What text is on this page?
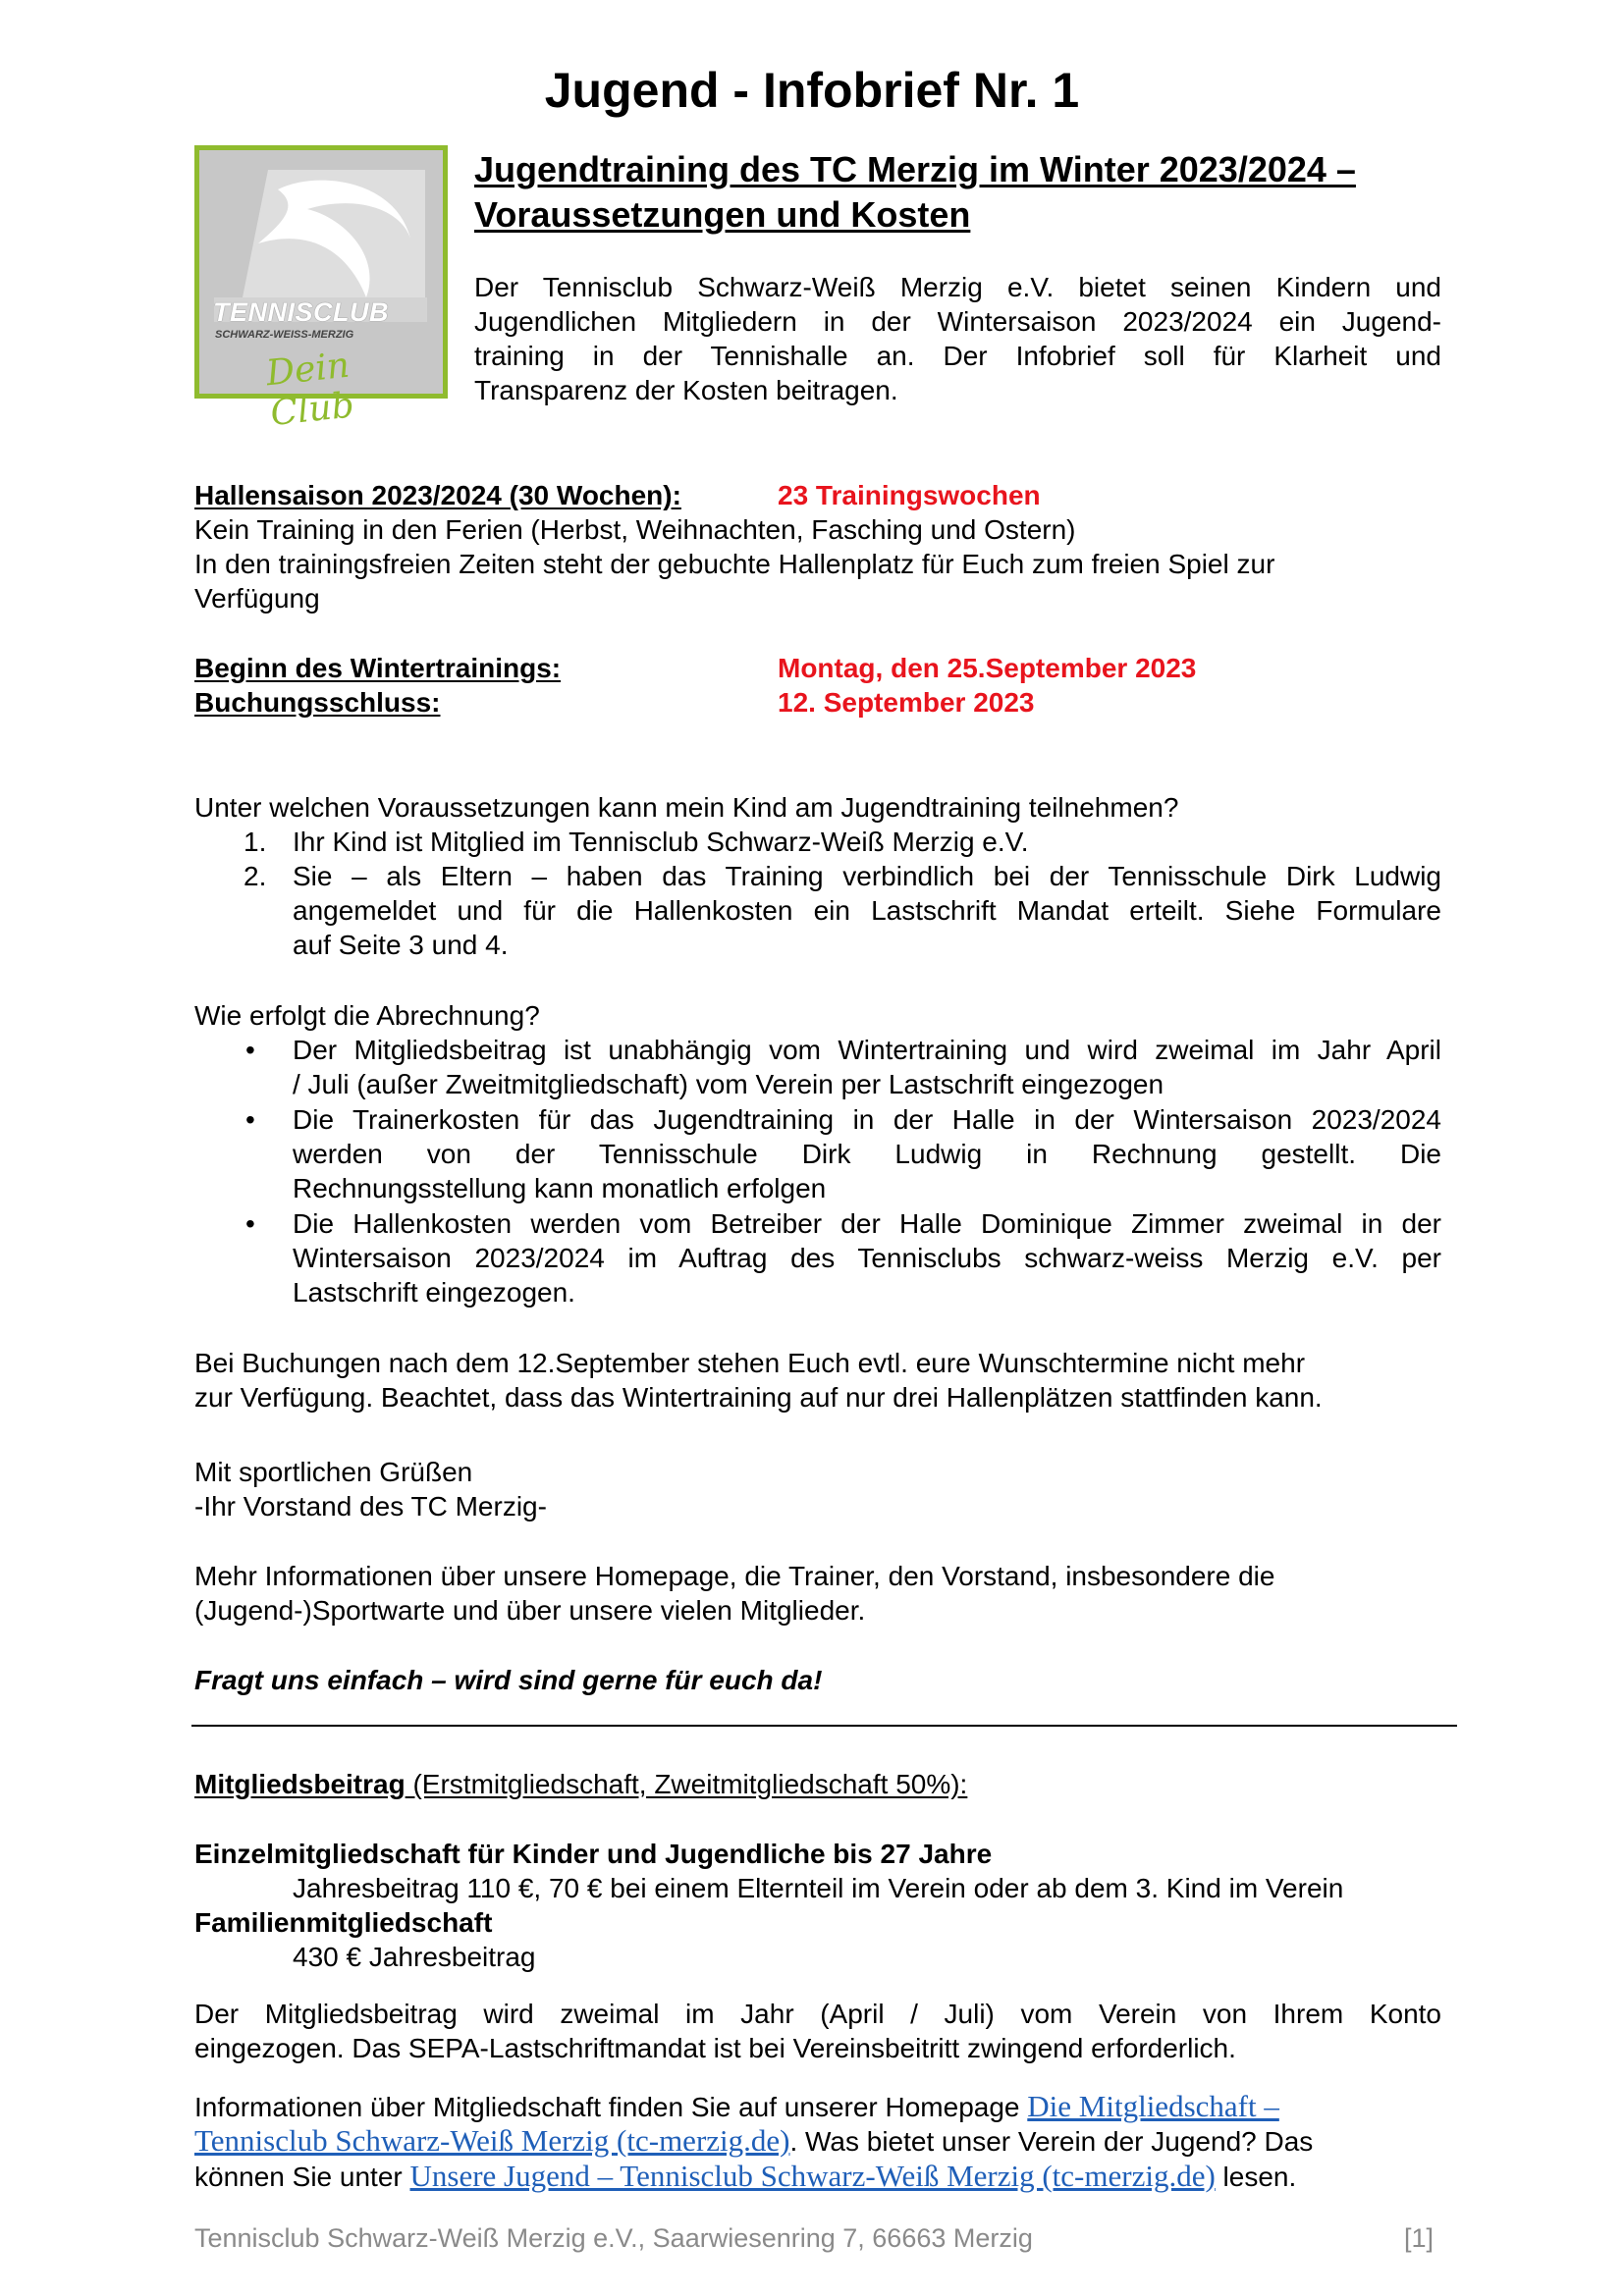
Jugend - Infobrief Nr. 1
TENNISCLUB
SCHWARZ-WEISS-MERZIG
Dein Club
Jugendtraining des TC Merzig im Winter 2023/2024 –
Voraussetzungen und Kosten
Der Tennisclub Schwarz-Weiß Merzig e.V. bietet seinen Kindern und
Jugendlichen Mitgliedern in der Wintersaison 2023/2024 ein Jugend-
training in der Tennishalle an. Der Infobrief soll für Klarheit und
Transparenz der Kosten beitragen.
Hallensaison 2023/2024 (30 Wochen):	23 Trainingswochen
Kein Training in den Ferien (Herbst, Weihnachten, Fasching und Ostern)
In den trainingsfreien Zeiten steht der gebuchte Hallenplatz für Euch zum freien Spiel zur
Verfügung
Beginn des Wintertrainings:	Montag, den 25.September 2023
Buchungsschluss:	12. September 2023
Unter welchen Voraussetzungen kann mein Kind am Jugendtraining teilnehmen?
1. Ihr Kind ist Mitglied im Tennisclub Schwarz-Weiß Merzig e.V.
2. Sie – als Eltern – haben das Training verbindlich bei der Tennisschule Dirk Ludwig
angemeldet und für die Hallenkosten ein Lastschrift Mandat erteilt. Siehe Formulare
auf Seite 3 und 4.
Wie erfolgt die Abrechnung?
• Der Mitgliedsbeitrag ist unabhängig vom Wintertraining und wird zweimal im Jahr April
/ Juli (außer Zweitmitgliedschaft) vom Verein per Lastschrift eingezogen
• Die Trainerkosten für das Jugendtraining in der Halle in der Wintersaison 2023/2024
werden von der Tennisschule Dirk Ludwig in Rechnung gestellt. Die
Rechnungsstellung kann monatlich erfolgen
• Die Hallenkosten werden vom Betreiber der Halle Dominique Zimmer zweimal in der
Wintersaison 2023/2024 im Auftrag des Tennisclubs schwarz-weiss Merzig e.V. per
Lastschrift eingezogen.
Bei Buchungen nach dem 12.September stehen Euch evtl. eure Wunschtermine nicht mehr
zur Verfügung. Beachtet, dass das Wintertraining auf nur drei Hallenplätzen stattfinden kann.
Mit sportlichen Grüßen
-Ihr Vorstand des TC Merzig-
Mehr Informationen über unsere Homepage, die Trainer, den Vorstand, insbesondere die
(Jugend-)Sportwarte und über unsere vielen Mitglieder.
Fragt uns einfach – wird sind gerne für euch da!
Mitgliedsbeitrag (Erstmitgliedschaft, Zweitmitgliedschaft 50%):
Einzelmitgliedschaft für Kinder und Jugendliche bis 27 Jahre
Jahresbeitrag 110 €, 70 € bei einem Elternteil im Verein oder ab dem 3. Kind im Verein
Familienmitgliedschaft
430 € Jahresbeitrag
Der Mitgliedsbeitrag wird zweimal im Jahr (April / Juli) vom Verein von Ihrem Konto
eingezogen. Das SEPA-Lastschriftmandat ist bei Vereinsbeitritt zwingend erforderlich.
Informationen über Mitgliedschaft finden Sie auf unserer Homepage Die Mitgliedschaft –
Tennisclub Schwarz-Weiß Merzig (tc-merzig.de). Was bietet unser Verein der Jugend? Das
können Sie unter Unsere Jugend – Tennisclub Schwarz-Weiß Merzig (tc-merzig.de) lesen.
Tennisclub Schwarz-Weiß Merzig e.V., Saarwiesenring 7, 66663 Merzig	[1]
